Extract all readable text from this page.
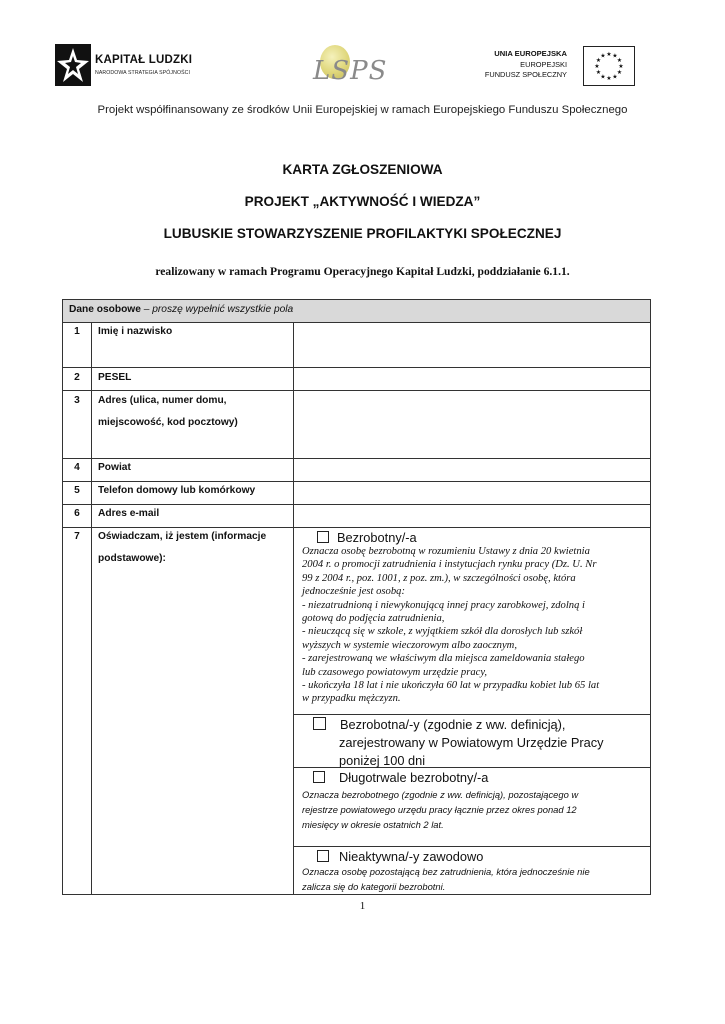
KAPITAŁ LUDZKI
NARODOWA STRATEGIA SPÓJNOŚCI	LSPS
UNIA EUROPEJSKA
EUROPEJSKI
FUNDUSZ SPOŁECZNY
★ ★
★
★
★
★
★
★
★
★
★
★
Projekt współfinansowany ze środków Unii Europejskiej w ramach Europejskiego Funduszu Społecznego
KARTA ZGŁOSZENIOWA
PROJEKT „AKTYWNOŚĆ I WIEDZA”
LUBUSKIE STOWARZYSZENIE PROFILAKTYKI SPOŁECZNEJ
realizowany w ramach Programu Operacyjnego Kapitał Ludzki, poddziałanie 6.1.1.
Dane osobowe – proszę wypełnić wszystkie pola
1	Imię i nazwisko
2	PESEL
3	Adres (ulica, numer domu,
miejscowość, kod pocztowy)
4	Powiat
5	Telefon domowy lub komórkowy
6	Adres e-mail
7	Oświadczam, iż jestem (informacje
podstawowe):
Bezrobotny/-a
Oznacza osobę bezrobotną w rozumieniu Ustawy z dnia 20 kwietnia
2004 r. o promocji zatrudnienia i instytucjach rynku pracy (Dz. U. Nr
99 z 2004 r., poz. 1001, z poz. zm.), w szczególności osobę, która
jednocześnie jest osobą:
- niezatrudnioną i niewykonującą innej pracy zarobkowej, zdolną i
gotową do podjęcia zatrudnienia,
- nieuczącą się w szkole, z wyjątkiem szkół dla dorosłych lub szkół
wyższych w systemie wieczorowym albo zaocznym,
- zarejestrowaną we właściwym dla miejsca zameldowania stałego
lub czasowego powiatowym urzędzie pracy,
- ukończyła 18 lat i nie ukończyła 60 lat w przypadku kobiet lub 65 lat
w przypadku mężczyzn.
Bezrobotna/-y (zgodnie z ww. definicją),
zarejestrowany w Powiatowym Urzędzie Pracy
poniżej 100 dni
Długotrwale bezrobotny/-a
Oznacza bezrobotnego (zgodnie z ww. definicją), pozostającego w
rejestrze powiatowego urzędu pracy łącznie przez okres ponad 12
miesięcy w okresie ostatnich 2 lat.
Nieaktywna/-y zawodowo
Oznacza osobę pozostającą bez zatrudnienia, która jednocześnie nie
zalicza się do kategorii bezrobotni.
1
